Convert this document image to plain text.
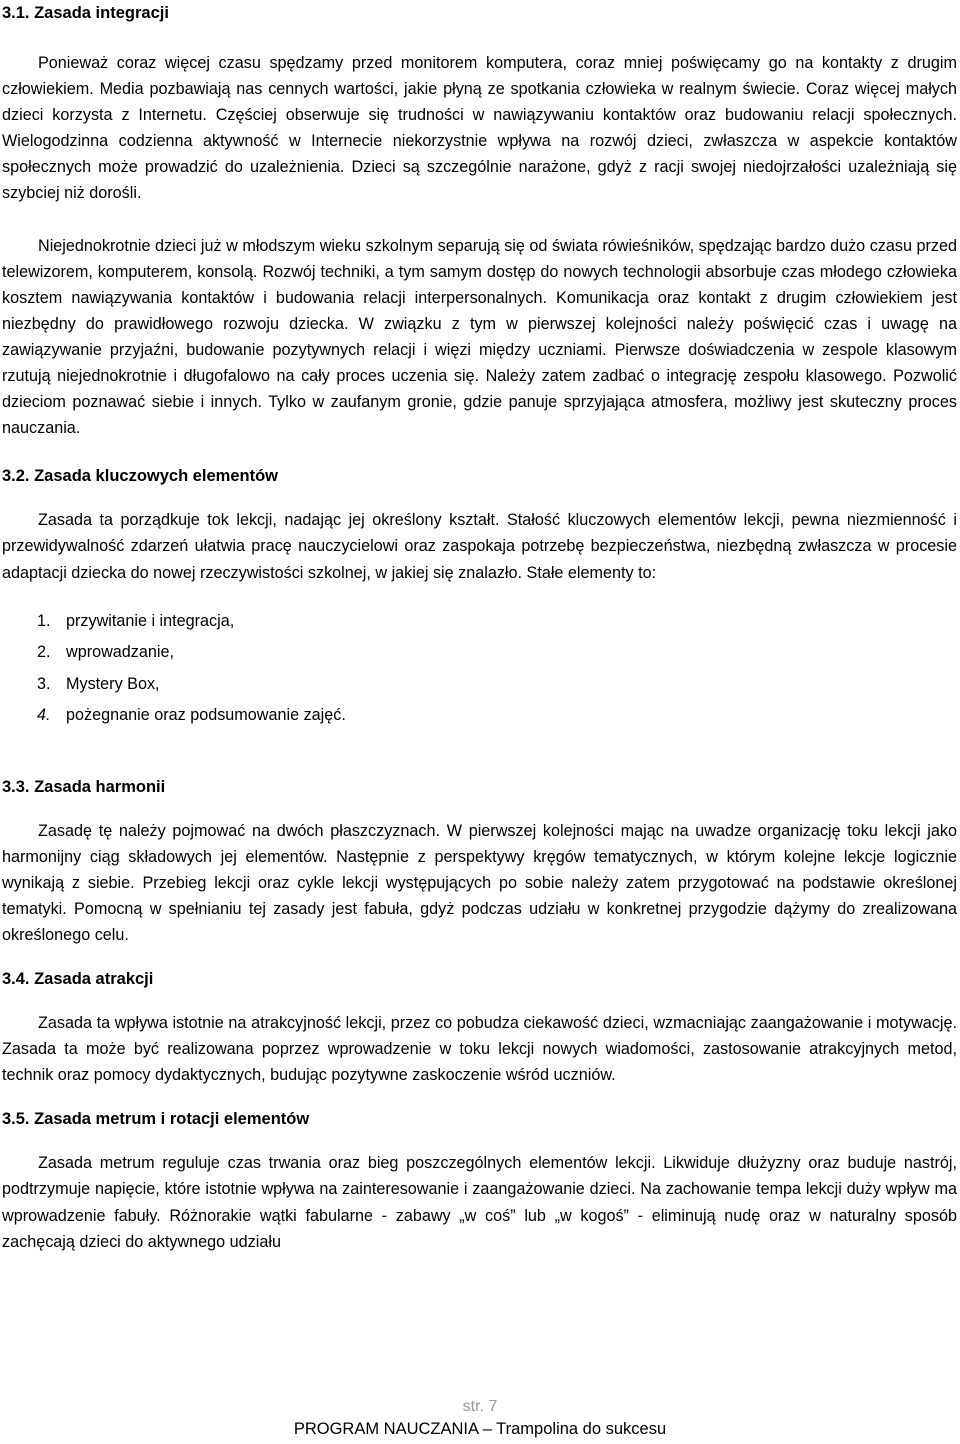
3.1. Zasada integracji

Ponieważ coraz więcej czasu spędzamy przed monitorem komputera, coraz mniej poświęcamy go na kontakty z drugim człowiekiem. Media pozbawiają nas cennych wartości, jakie płyną ze spotkania człowieka w realnym świecie. Coraz więcej małych dzieci korzysta z Internetu. Częściej obserwuje się trudności w nawiązywaniu kontaktów oraz budowaniu relacji społecznych. Wielogodzinna codzienna aktywność w Internecie niekorzystnie wpływa na rozwój dzieci, zwłaszcza w aspekcie kontaktów społecznych może prowadzić do uzależnienia. Dzieci są szczególnie narażone, gdyż z racji swojej niedojrzałości uzależniają się szybciej niż dorośli.

Niejednokrotnie dzieci już w młodszym wieku szkolnym separują się od świata rówieśników, spędzając bardzo dużo czasu przed telewizorem, komputerem, konsolą. Rozwój techniki, a tym samym dostęp do nowych technologii absorbuje czas młodego człowieka kosztem nawiązywania kontaktów i budowania relacji interpersonalnych. Komunikacja oraz kontakt z drugim człowiekiem jest niezbędny do prawidłowego rozwoju dziecka. W związku z tym w pierwszej kolejności należy poświęcić czas i uwagę na zawiązywanie przyjaźni, budowanie pozytywnych relacji i więzi między uczniami. Pierwsze doświadczenia w zespole klasowym rzutują niejednokrotnie i długofalowo na cały proces uczenia się. Należy zatem zadbać o integrację zespołu klasowego. Pozwolić dzieciom poznawać siebie i innych. Tylko w zaufanym gronie, gdzie panuje sprzyjająca atmosfera, możliwy jest skuteczny proces nauczania.

3.2. Zasada kluczowych elementów

Zasada ta porządkuje tok lekcji, nadając jej określony kształt. Stałość kluczowych elementów lekcji, pewna niezmienność i przewidywalność zdarzeń ułatwia pracę nauczycielowi oraz zaspokaja potrzebę bezpieczeństwa, niezbędną zwłaszcza w procesie adaptacji dziecka do nowej rzeczywistości szkolnej, w jakiej się znalazło. Stałe elementy to:

1. przywitanie i integracja,
2. wprowadzanie,
3. Mystery Box,
4. pożegnanie oraz podsumowanie zajęć.
3.3. Zasada harmonii

Zasadę tę należy pojmować na dwóch płaszczyznach. W pierwszej kolejności mając na uwadze organizację toku lekcji jako harmonijny ciąg składowych jej elementów. Następnie z perspektywy kręgów tematycznych, w którym kolejne lekcje logicznie wynikają z siebie. Przebieg lekcji oraz cykle lekcji występujących po sobie należy zatem przygotować na podstawie określonej tematyki. Pomocną w spełnianiu tej zasady jest fabuła, gdyż podczas udziału w konkretnej przygodzie dążymy do zrealizowana określonego celu.

3.4. Zasada atrakcji

Zasada ta wpływa istotnie na atrakcyjność lekcji, przez co pobudza ciekawość dzieci, wzmacniając zaangażowanie i motywację. Zasada ta może być realizowana poprzez wprowadzenie w toku lekcji nowych wiadomości, zastosowanie atrakcyjnych metod, technik oraz pomocy dydaktycznych, budując pozytywne zaskoczenie wśród uczniów.

3.5. Zasada metrum i rotacji elementów

Zasada metrum reguluje czas trwania oraz bieg poszczególnych elementów lekcji. Likwiduje dłużyzny oraz buduje nastrój, podtrzymuje napięcie, które istotnie wpływa na zainteresowanie i zaangażowanie dzieci. Na zachowanie tempa lekcji duży wpływ ma wprowadzenie fabuły. Różnorakie wątki fabularne - zabawy „w coś” lub „w kogoś” - eliminują nudę oraz w naturalny sposób zachęcają dzieci do aktywnego udziału

str. 7
PROGRAM NAUCZANIA – Trampolina do sukcesu
